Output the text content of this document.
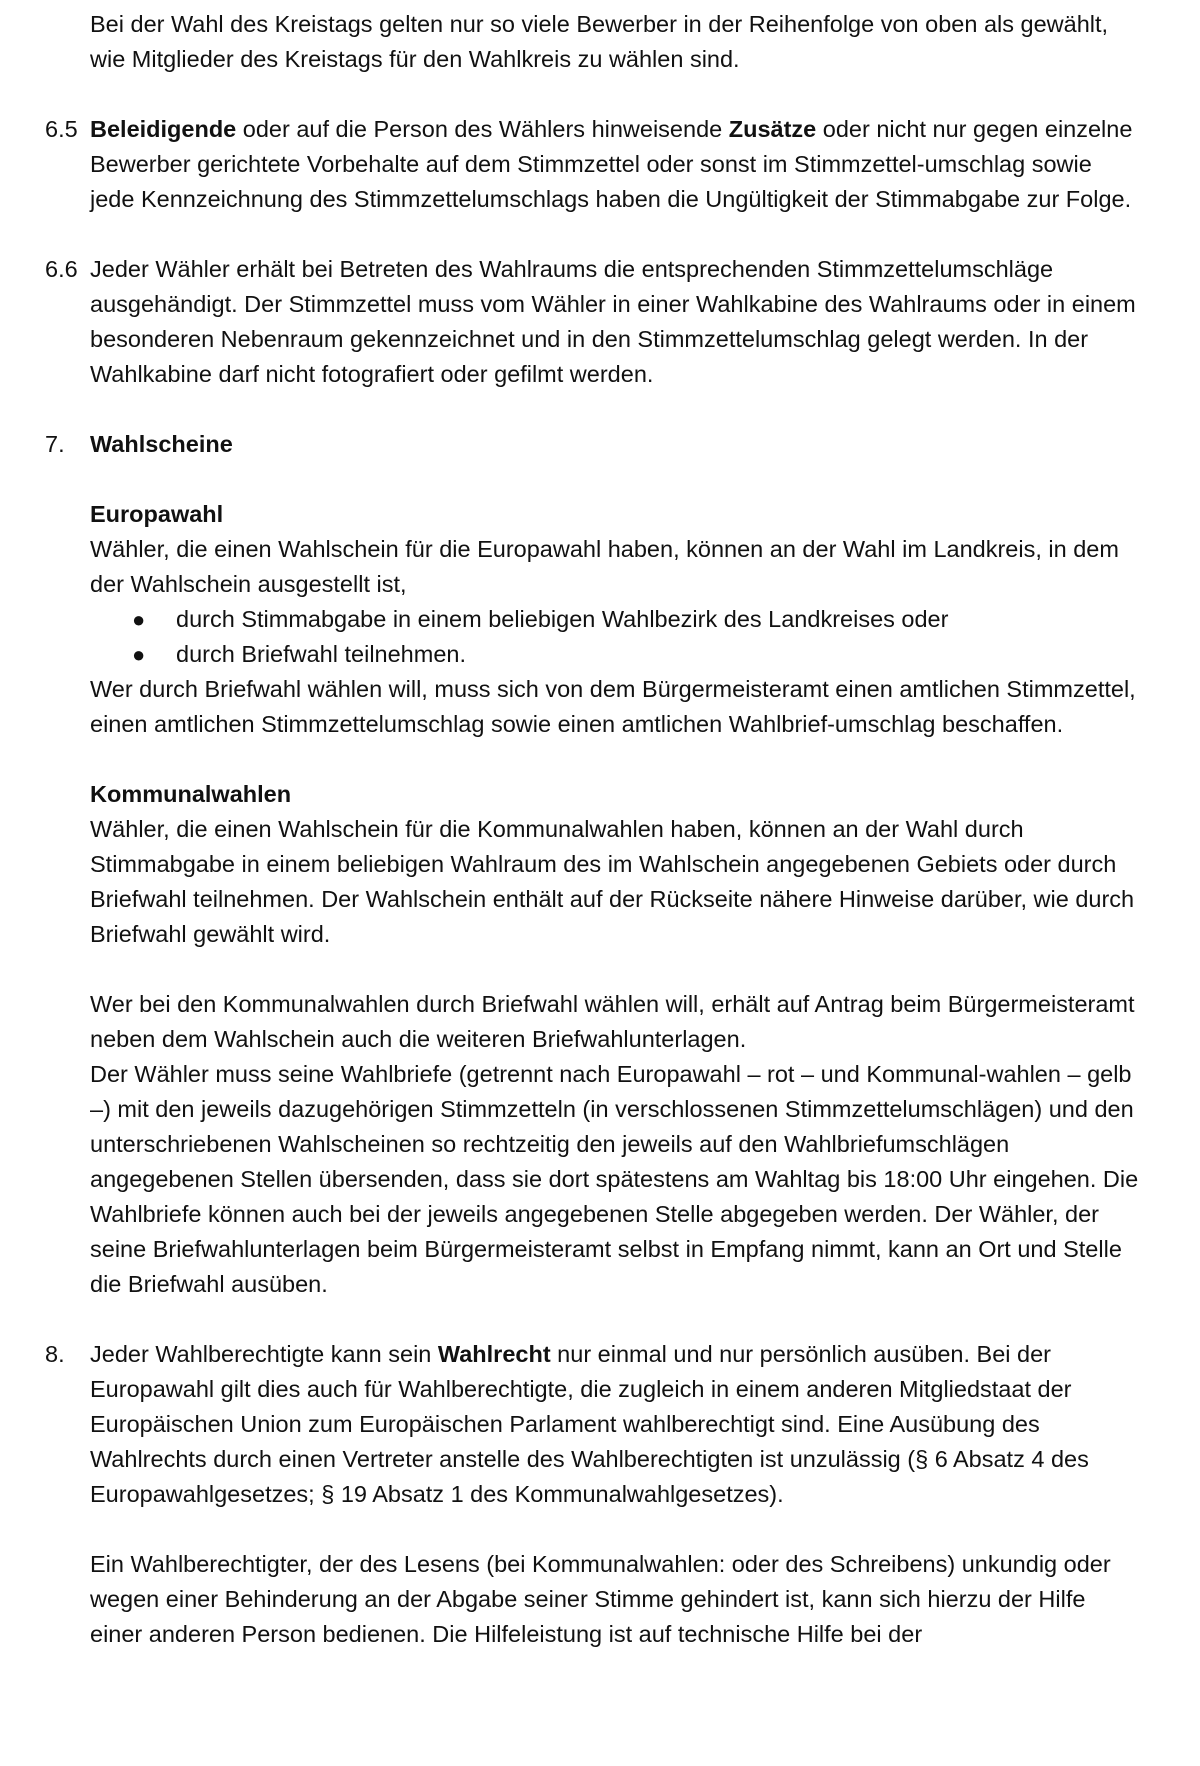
Bei der Wahl des Kreistags gelten nur so viele Bewerber in der Reihenfolge von oben als gewählt, wie Mitglieder des Kreistags für den Wahlkreis zu wählen sind.

6.5 Beleidigende oder auf die Person des Wählers hinweisende Zusätze oder nicht nur gegen einzelne Bewerber gerichtete Vorbehalte auf dem Stimmzettel oder sonst im Stimmzettel-umschlag sowie jede Kennzeichnung des Stimmzettelumschlags haben die Ungültigkeit der Stimmabgabe zur Folge.

6.6 Jeder Wähler erhält bei Betreten des Wahlraums die entsprechenden Stimmzettelumschläge ausgehändigt. Der Stimmzettel muss vom Wähler in einer Wahlkabine des Wahlraums oder in einem besonderen Nebenraum gekennzeichnet und in den Stimmzettelumschlag gelegt werden. In der Wahlkabine darf nicht fotografiert oder gefilmt werden.

7.	Wahlscheine

Europawahl

Wähler, die einen Wahlschein für die Europawahl haben, können an der Wahl im Landkreis, in dem der Wahlschein ausgestellt ist,

● durch Stimmabgabe in einem beliebigen Wahlbezirk des Landkreises oder
● durch Briefwahl teilnehmen.

Wer durch Briefwahl wählen will, muss sich von dem Bürgermeisteramt einen amtlichen Stimmzettel, einen amtlichen Stimmzettelumschlag sowie einen amtlichen Wahlbrief-umschlag beschaffen.

Kommunalwahlen

Wähler, die einen Wahlschein für die Kommunalwahlen haben, können an der Wahl durch Stimmabgabe in einem beliebigen Wahlraum des im Wahlschein angegebenen Gebiets oder durch Briefwahl teilnehmen. Der Wahlschein enthält auf der Rückseite nähere Hinweise darüber, wie durch Briefwahl gewählt wird.

Wer bei den Kommunalwahlen durch Briefwahl wählen will, erhält auf Antrag beim Bürgermeisteramt neben dem Wahlschein auch die weiteren Briefwahlunterlagen.

Der Wähler muss seine Wahlbriefe (getrennt nach Europawahl – rot – und Kommunal-wahlen – gelb –) mit den jeweils dazugehörigen Stimmzetteln (in verschlossenen Stimmzettelumschlägen) und den unterschriebenen Wahlscheinen so rechtzeitig den jeweils auf den Wahlbriefumschlägen angegebenen Stellen übersenden, dass sie dort spätestens am Wahltag bis 18:00 Uhr eingehen. Die Wahlbriefe können auch bei der jeweils angegebenen Stelle abgegeben werden. Der Wähler, der seine Briefwahlunterlagen beim Bürgermeisteramt selbst in Empfang nimmt, kann an Ort und Stelle die Briefwahl ausüben.

8.	Jeder Wahlberechtigte kann sein Wahlrecht nur einmal und nur persönlich ausüben. Bei der Europawahl gilt dies auch für Wahlberechtigte, die zugleich in einem anderen Mitgliedstaat der Europäischen Union zum Europäischen Parlament wahlberechtigt sind. Eine Ausübung des Wahlrechts durch einen Vertreter anstelle des Wahlberechtigten ist unzulässig (§ 6 Absatz 4 des Europawahlgesetzes; § 19 Absatz 1 des Kommunalwahlgesetzes).

Ein Wahlberechtigter, der des Lesens (bei Kommunalwahlen: oder des Schreibens) unkundig oder wegen einer Behinderung an der Abgabe seiner Stimme gehindert ist, kann sich hierzu der Hilfe einer anderen Person bedienen. Die Hilfeleistung ist auf technische Hilfe bei der
